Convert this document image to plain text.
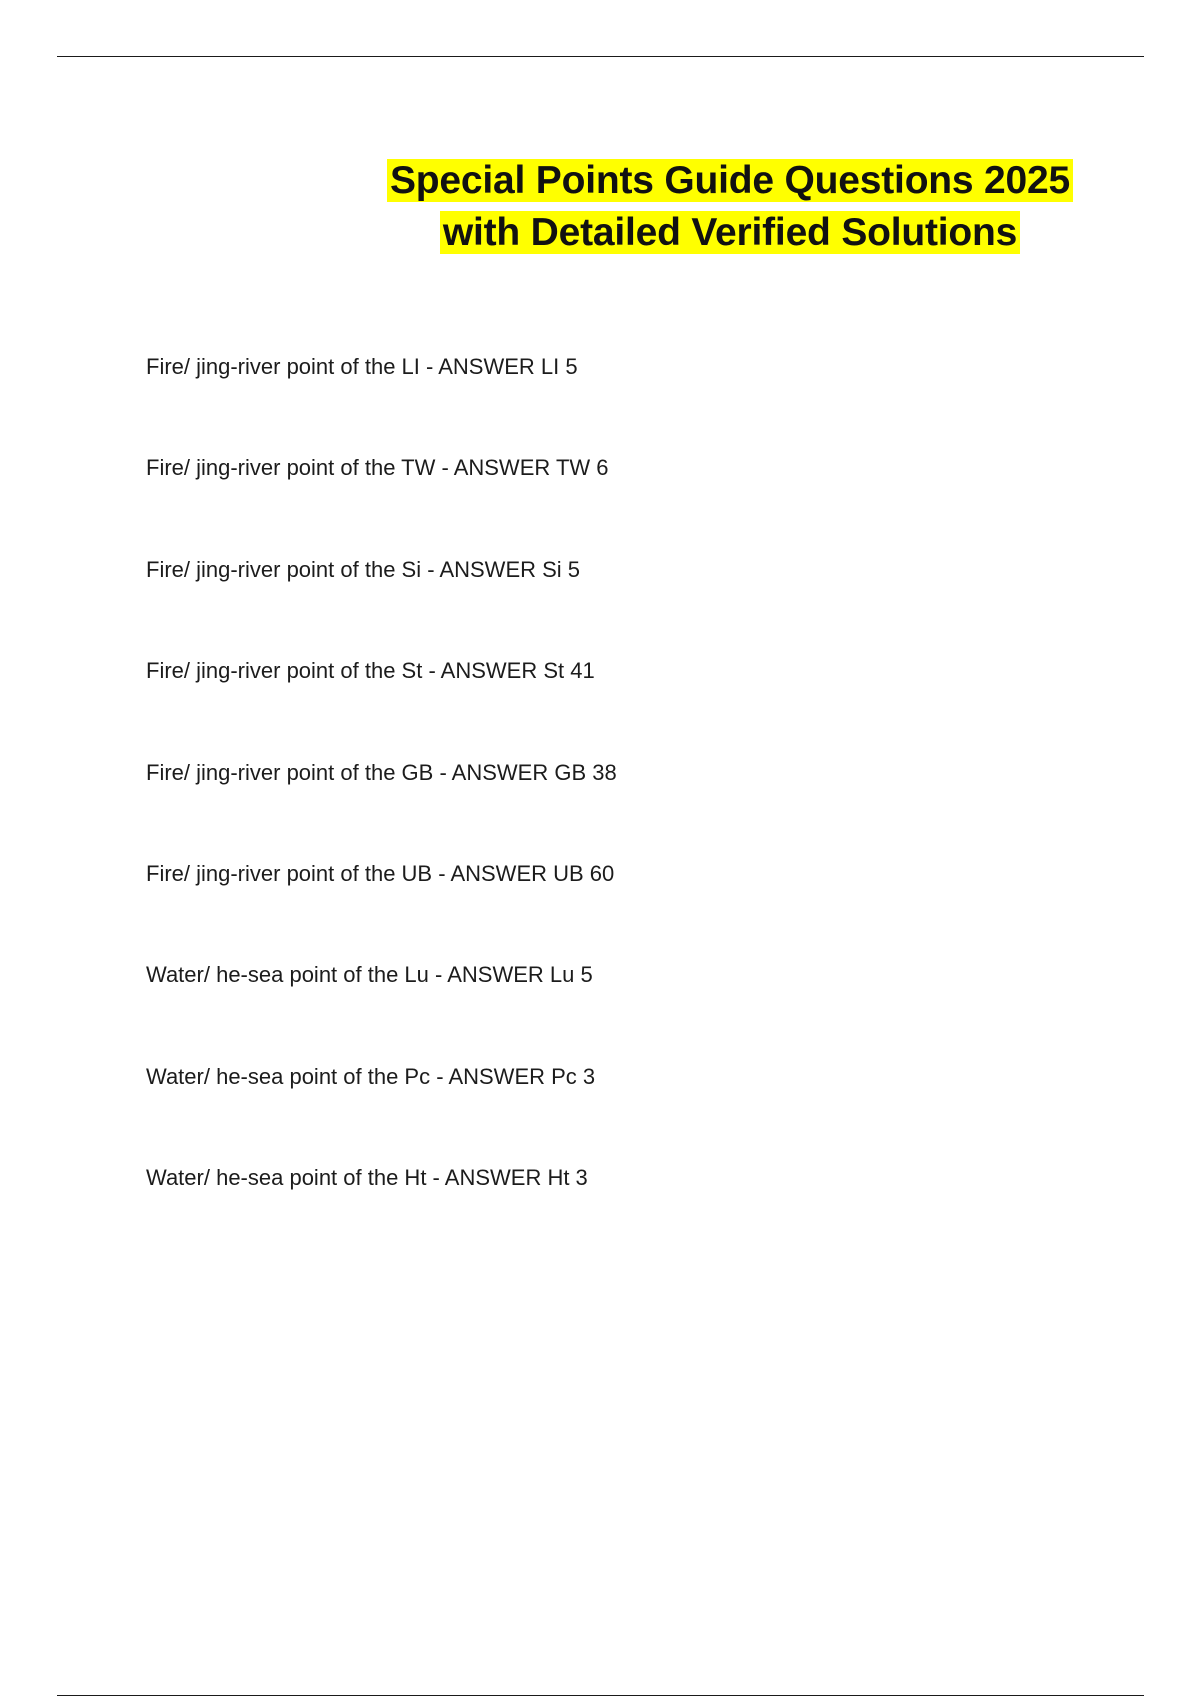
Special Points Guide Questions 2025
with Detailed Verified Solutions
Fire/ jing-river point of the LI - ANSWER LI 5
Fire/ jing-river point of the TW - ANSWER TW 6
Fire/ jing-river point of the Si - ANSWER Si 5
Fire/ jing-river point of the St - ANSWER St 41
Fire/ jing-river point of the GB - ANSWER GB 38
Fire/ jing-river point of the UB - ANSWER UB 60
Water/ he-sea point of the Lu - ANSWER Lu 5
Water/ he-sea point of the Pc - ANSWER Pc 3
Water/ he-sea point of the Ht - ANSWER Ht 3
